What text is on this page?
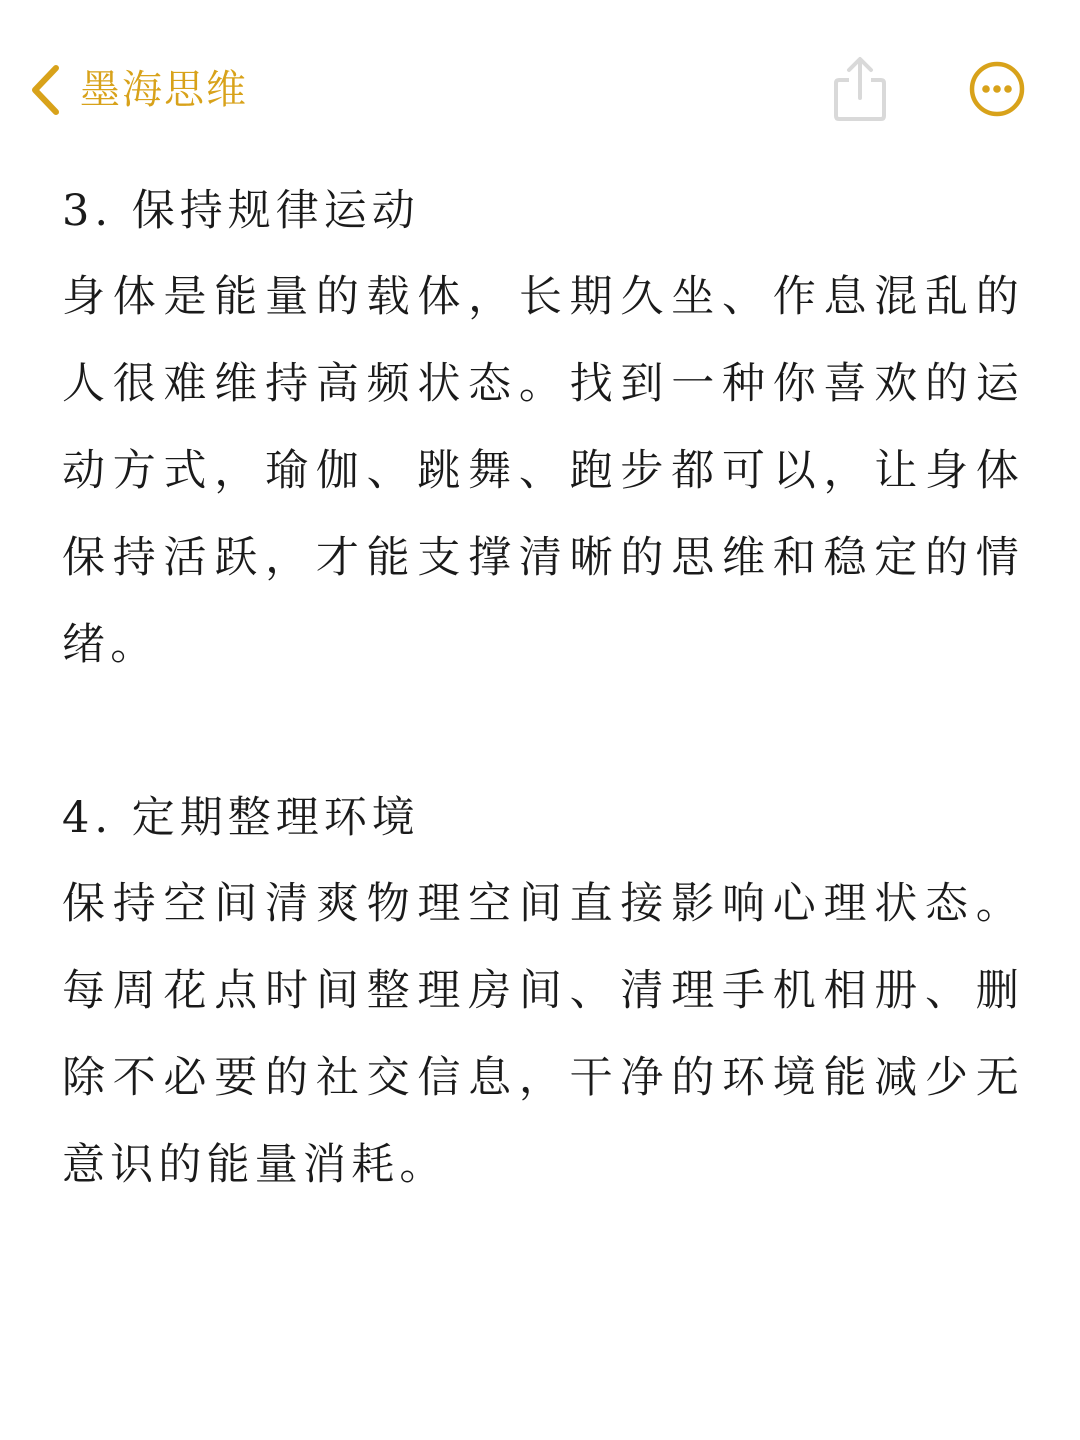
墨海思维

3. 保持规律运动

身体是能量的载体，长期久坐、作息混乱的人很难维持高频状态。找到一种你喜欢的运动方式，瑜伽、跳舞、跑步都可以，让身体保持活跃，才能支撑清晰的思维和稳定的情绪。

4. 定期整理环境

保持空间清爽物理空间直接影响心理状态。每周花点时间整理房间、清理手机相册、删除不必要的社交信息，干净的环境能减少无意识的能量消耗。
